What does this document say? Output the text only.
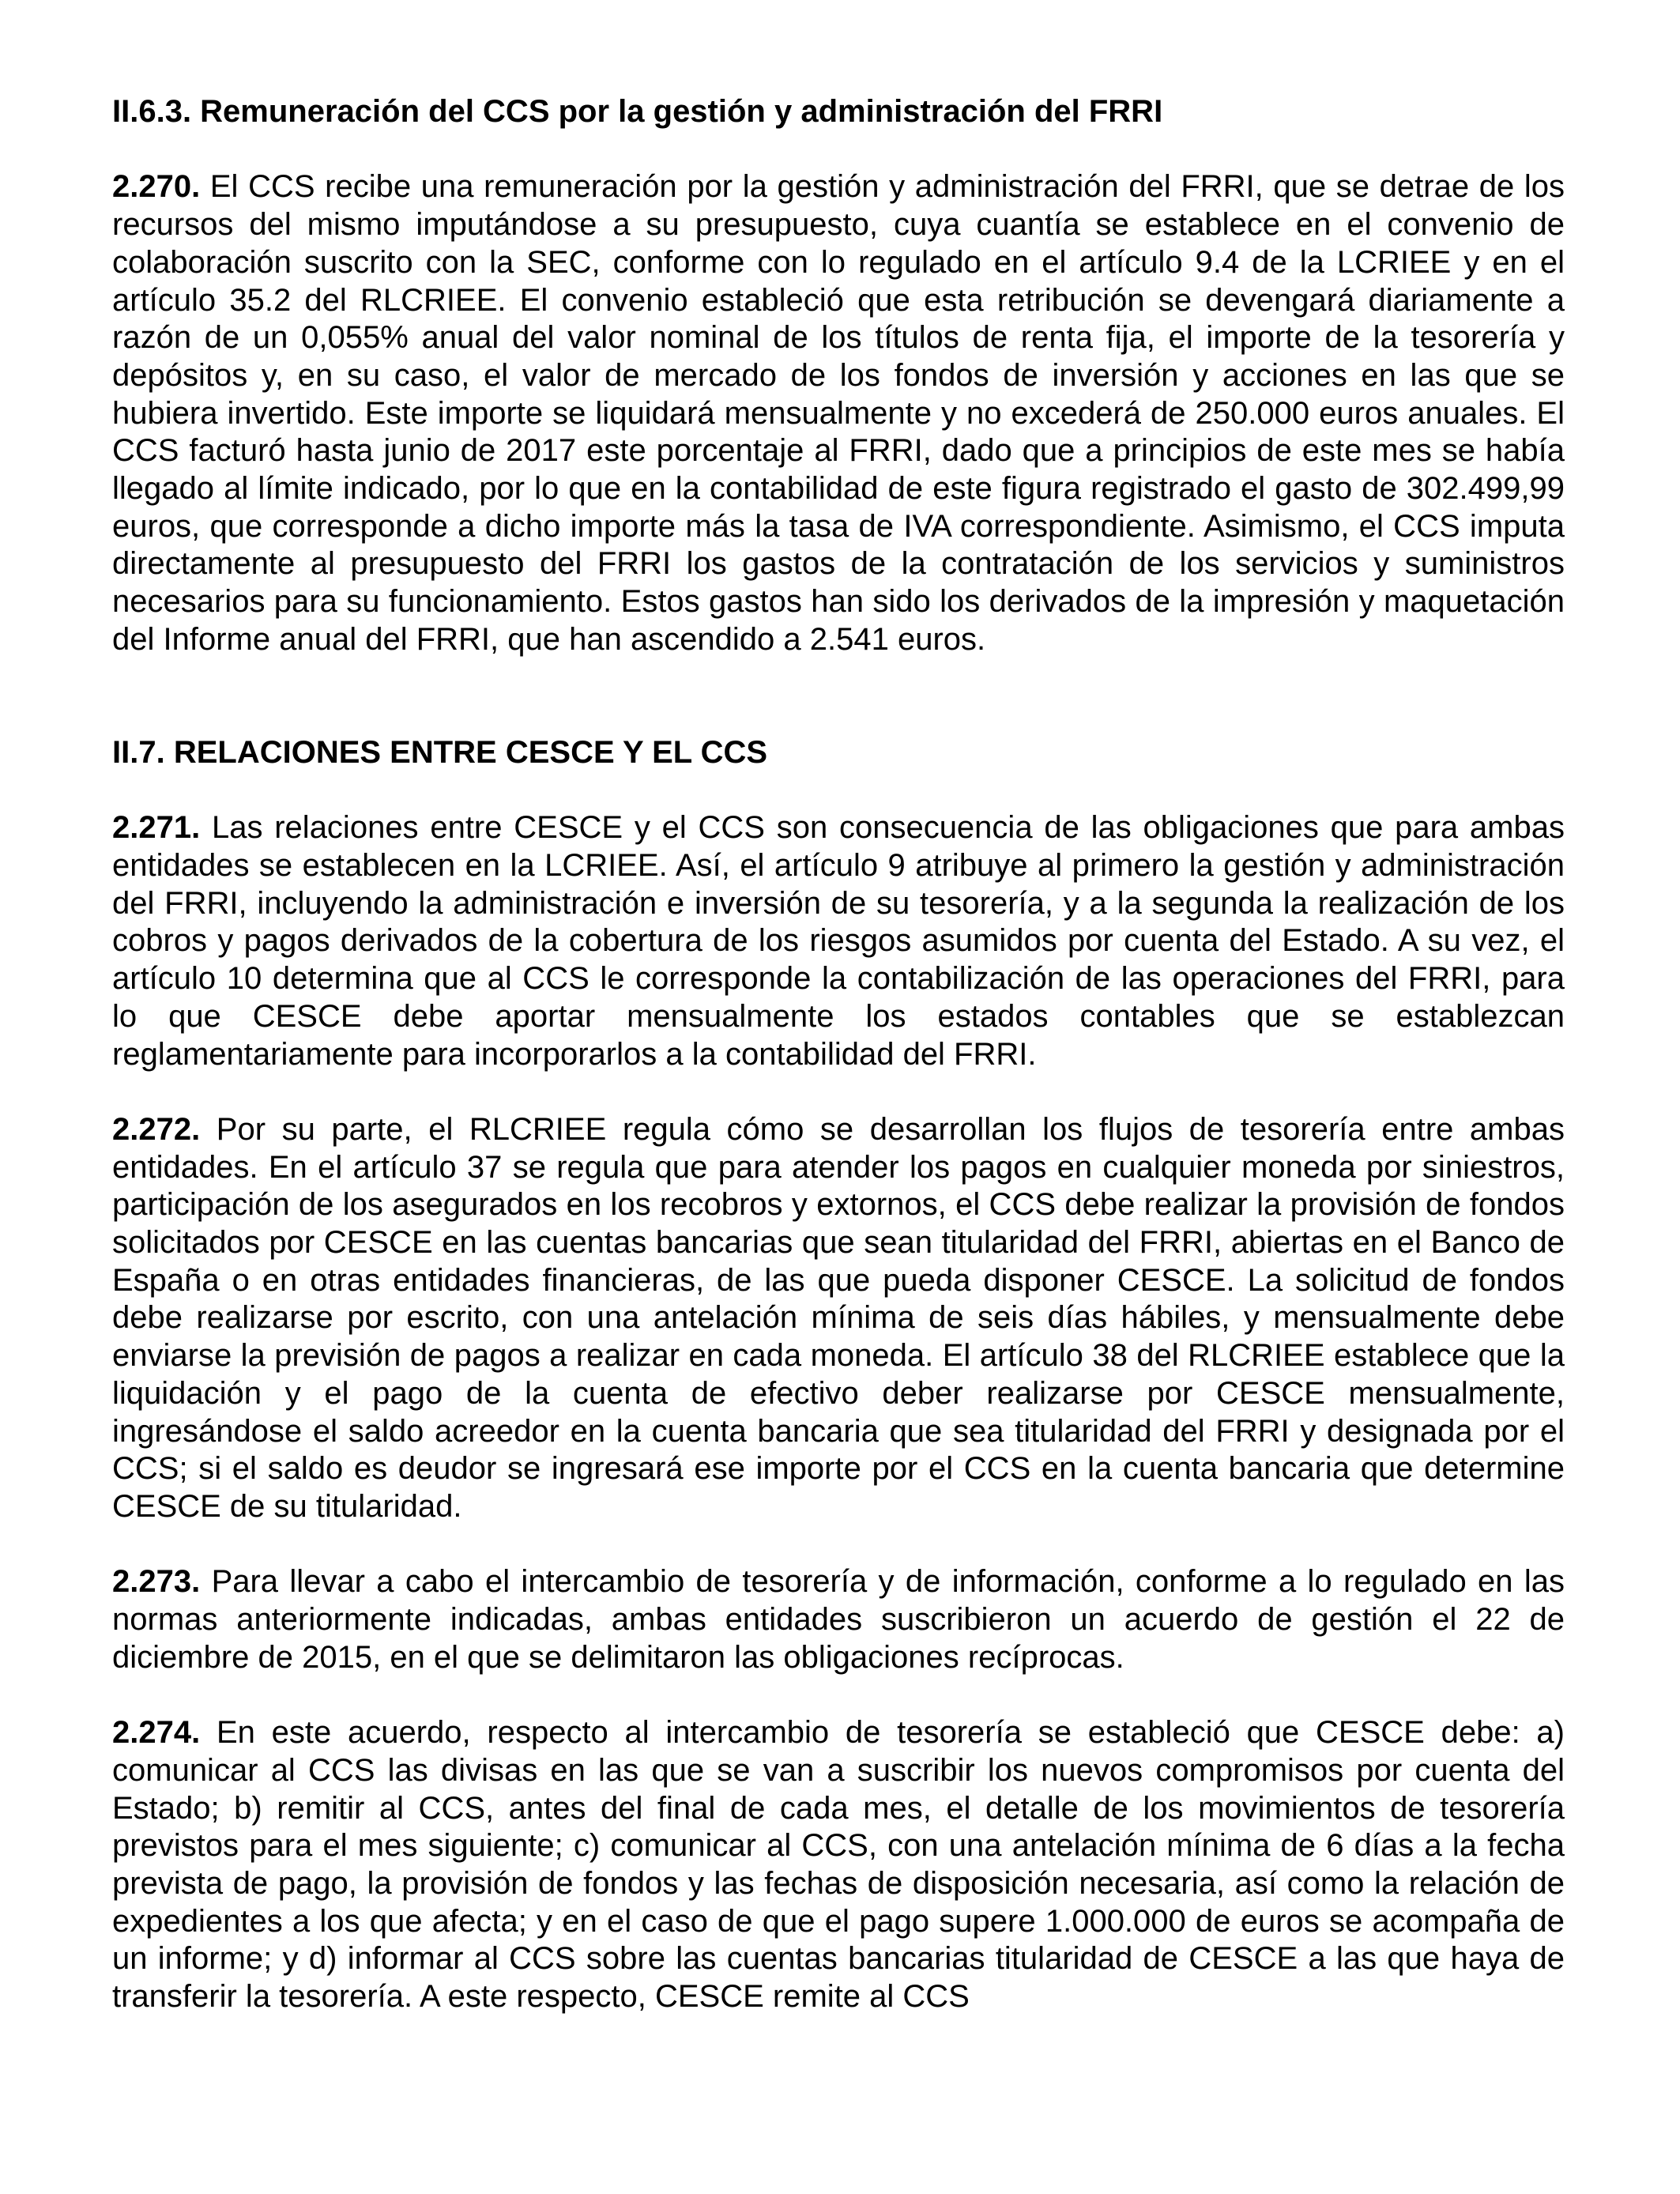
II.6.3. Remuneración del CCS por la gestión y administración del FRRI

2.270. El CCS recibe una remuneración por la gestión y administración del FRRI, que se detrae de los recursos del mismo imputándose a su presupuesto, cuya cuantía se establece en el convenio de colaboración suscrito con la SEC, conforme con lo regulado en el artículo 9.4 de la LCRIEE y en el artículo 35.2 del RLCRIEE. El convenio estableció que esta retribución se devengará diariamente a razón de un 0,055% anual del valor nominal de los títulos de renta fija, el importe de la tesorería y depósitos y, en su caso, el valor de mercado de los fondos de inversión y acciones en las que se hubiera invertido. Este importe se liquidará mensualmente y no excederá de 250.000 euros anuales. El CCS facturó hasta junio de 2017 este porcentaje al FRRI, dado que a principios de este mes se había llegado al límite indicado, por lo que en la contabilidad de este figura registrado el gasto de 302.499,99 euros, que corresponde a dicho importe más la tasa de IVA correspondiente. Asimismo, el CCS imputa directamente al presupuesto del FRRI los gastos de la contratación de los servicios y suministros necesarios para su funcionamiento. Estos gastos han sido los derivados de la impresión y maquetación del Informe anual del FRRI, que han ascendido a 2.541 euros.

II.7. RELACIONES ENTRE CESCE Y EL CCS

2.271. Las relaciones entre CESCE y el CCS son consecuencia de las obligaciones que para ambas entidades se establecen en la LCRIEE. Así, el artículo 9 atribuye al primero la gestión y administración del FRRI, incluyendo la administración e inversión de su tesorería, y a la segunda la realización de los cobros y pagos derivados de la cobertura de los riesgos asumidos por cuenta del Estado. A su vez, el artículo 10 determina que al CCS le corresponde la contabilización de las operaciones del FRRI, para lo que CESCE debe aportar mensualmente los estados contables que se establezcan reglamentariamente para incorporarlos a la contabilidad del FRRI.

2.272. Por su parte, el RLCRIEE regula cómo se desarrollan los flujos de tesorería entre ambas entidades. En el artículo 37 se regula que para atender los pagos en cualquier moneda por siniestros, participación de los asegurados en los recobros y extornos, el CCS debe realizar la provisión de fondos solicitados por CESCE en las cuentas bancarias que sean titularidad del FRRI, abiertas en el Banco de España o en otras entidades financieras, de las que pueda disponer CESCE. La solicitud de fondos debe realizarse por escrito, con una antelación mínima de seis días hábiles, y mensualmente debe enviarse la previsión de pagos a realizar en cada moneda. El artículo 38 del RLCRIEE establece que la liquidación y el pago de la cuenta de efectivo deber realizarse por CESCE mensualmente, ingresándose el saldo acreedor en la cuenta bancaria que sea titularidad del FRRI y designada por el CCS; si el saldo es deudor se ingresará ese importe por el CCS en la cuenta bancaria que determine CESCE de su titularidad.

2.273. Para llevar a cabo el intercambio de tesorería y de información, conforme a lo regulado en las normas anteriormente indicadas, ambas entidades suscribieron un acuerdo de gestión el 22 de diciembre de 2015, en el que se delimitaron las obligaciones recíprocas.

2.274. En este acuerdo, respecto al intercambio de tesorería se estableció que CESCE debe: a) comunicar al CCS las divisas en las que se van a suscribir los nuevos compromisos por cuenta del Estado; b) remitir al CCS, antes del final de cada mes, el detalle de los movimientos de tesorería previstos para el mes siguiente; c) comunicar al CCS, con una antelación mínima de 6 días a la fecha prevista de pago, la provisión de fondos y las fechas de disposición necesaria, así como la relación de expedientes a los que afecta; y en el caso de que el pago supere 1.000.000 de euros se acompaña de un informe; y d) informar al CCS sobre las cuentas bancarias titularidad de CESCE a las que haya de transferir la tesorería. A este respecto, CESCE remite al CCS
